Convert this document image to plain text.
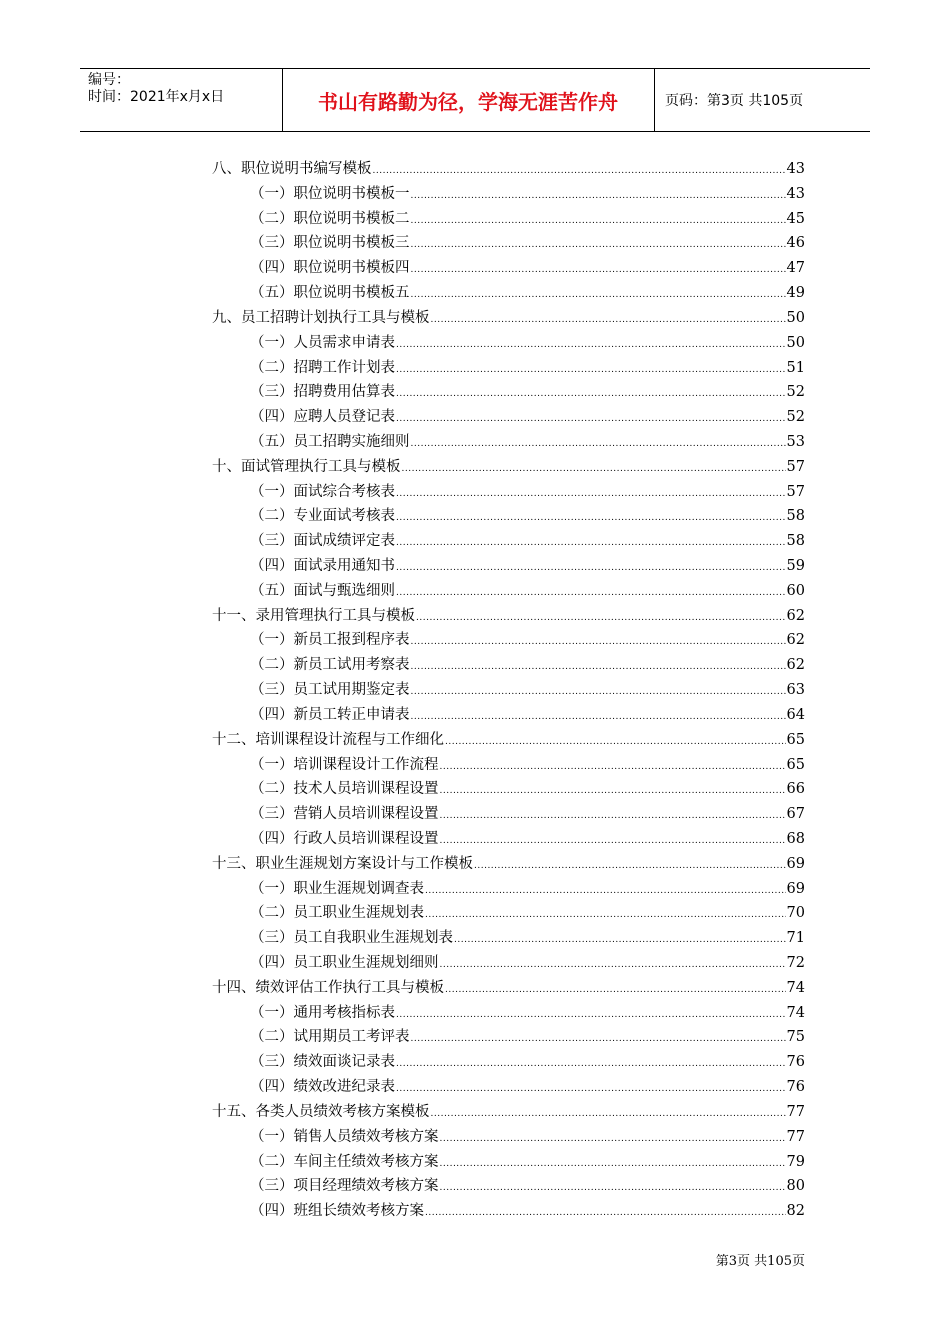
编号：
时间：2021年x月x日	书山有路勤为径，学海无涯苦作舟	页码：第3页 共105页
八、职位说明书编写模板 .....	43
（一）职位说明书模板一 .....	43
（二）职位说明书模板二 .....	45
（三）职位说明书模板三 .....	46
（四）职位说明书模板四 .....	47
（五）职位说明书模板五 .....	49
九、员工招聘计划执行工具与模板 .....	50
（一）人员需求申请表 .....	50
（二）招聘工作计划表 .....	51
（三）招聘费用估算表 .....	52
（四）应聘人员登记表 .....	52
（五）员工招聘实施细则 .....	53
十、面试管理执行工具与模板 .....	57
（一）面试综合考核表 .....	57
（二）专业面试考核表 .....	58
（三）面试成绩评定表 .....	58
（四）面试录用通知书 .....	59
（五）面试与甄选细则 .....	60
十一、录用管理执行工具与模板 .....	62
（一）新员工报到程序表 .....	62
（二）新员工试用考察表 .....	62
（三）员工试用期鉴定表 .....	63
（四）新员工转正申请表 .....	64
十二、培训课程设计流程与工作细化 .....	65
（一）培训课程设计工作流程 .....	65
（二）技术人员培训课程设置 .....	66
（三）营销人员培训课程设置 .....	67
（四）行政人员培训课程设置 .....	68
十三、职业生涯规划方案设计与工作模板 .....	69
（一）职业生涯规划调查表 .....	69
（二）员工职业生涯规划表 .....	70
（三）员工自我职业生涯规划表 .....	71
（四）员工职业生涯规划细则 .....	72
十四、绩效评估工作执行工具与模板 .....	74
（一）通用考核指标表 .....	74
（二）试用期员工考评表 .....	75
（三）绩效面谈记录表 .....	76
（四）绩效改进纪录表 .....	76
十五、各类人员绩效考核方案模板 .....	77
（一）销售人员绩效考核方案 .....	77
（二）车间主任绩效考核方案 .....	79
（三）项目经理绩效考核方案 .....	80
（四）班组长绩效考核方案 .....	82
第3页 共105页
